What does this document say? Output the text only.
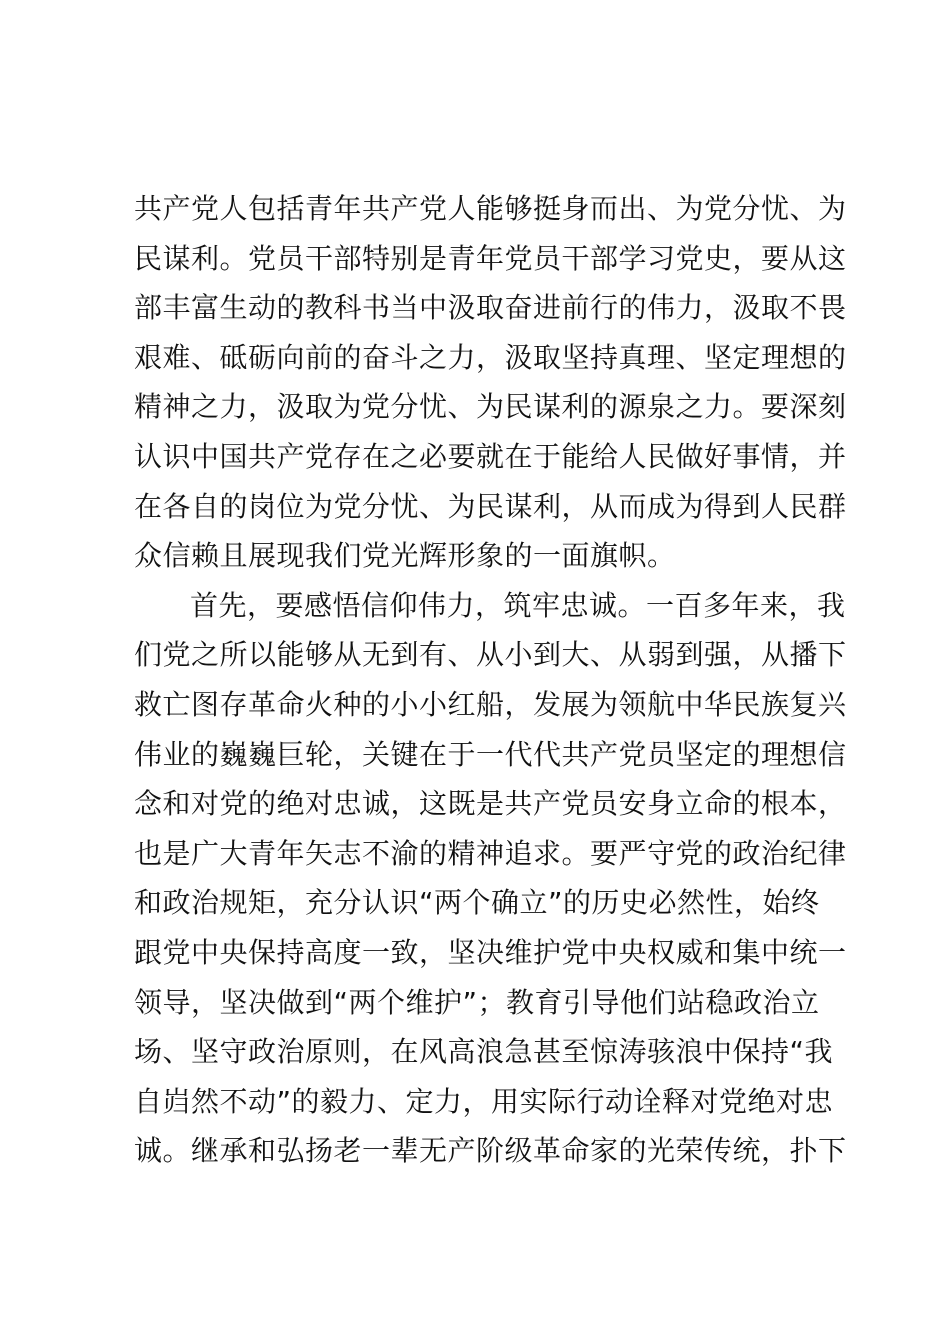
共产党人包括青年共产党人能够挺身而出、为党分忧、为
民谋利。党员干部特别是青年党员干部学习党史，要从这
部丰富生动的教科书当中汲取奋进前行的伟力，汲取不畏
艰难、砥砺向前的奋斗之力，汲取坚持真理、坚定理想的
精神之力，汲取为党分忧、为民谋利的源泉之力。要深刻
认识中国共产党存在之必要就在于能给人民做好事情，并
在各自的岗位为党分忧、为民谋利，从而成为得到人民群
众信赖且展现我们党光辉形象的一面旗帜。
首先，要感悟信仰伟力，筑牢忠诚。一百多年来，我
们党之所以能够从无到有、从小到大、从弱到强，从播下
救亡图存革命火种的小小红船，发展为领航中华民族复兴
伟业的巍巍巨轮，关键在于一代代共产党员坚定的理想信
念和对党的绝对忠诚，这既是共产党员安身立命的根本，
也是广大青年矢志不渝的精神追求。要严守党的政治纪律
和政治规矩，充分认识“两个确立”的历史必然性，始终
跟党中央保持高度一致，坚决维护党中央权威和集中统一
领导，坚决做到“两个维护”；教育引导他们站稳政治立
场、坚守政治原则，在风高浪急甚至惊涛骇浪中保持“我
自岿然不动”的毅力、定力，用实际行动诠释对党绝对忠
诚。继承和弘扬老一辈无产阶级革命家的光荣传统，扑下
